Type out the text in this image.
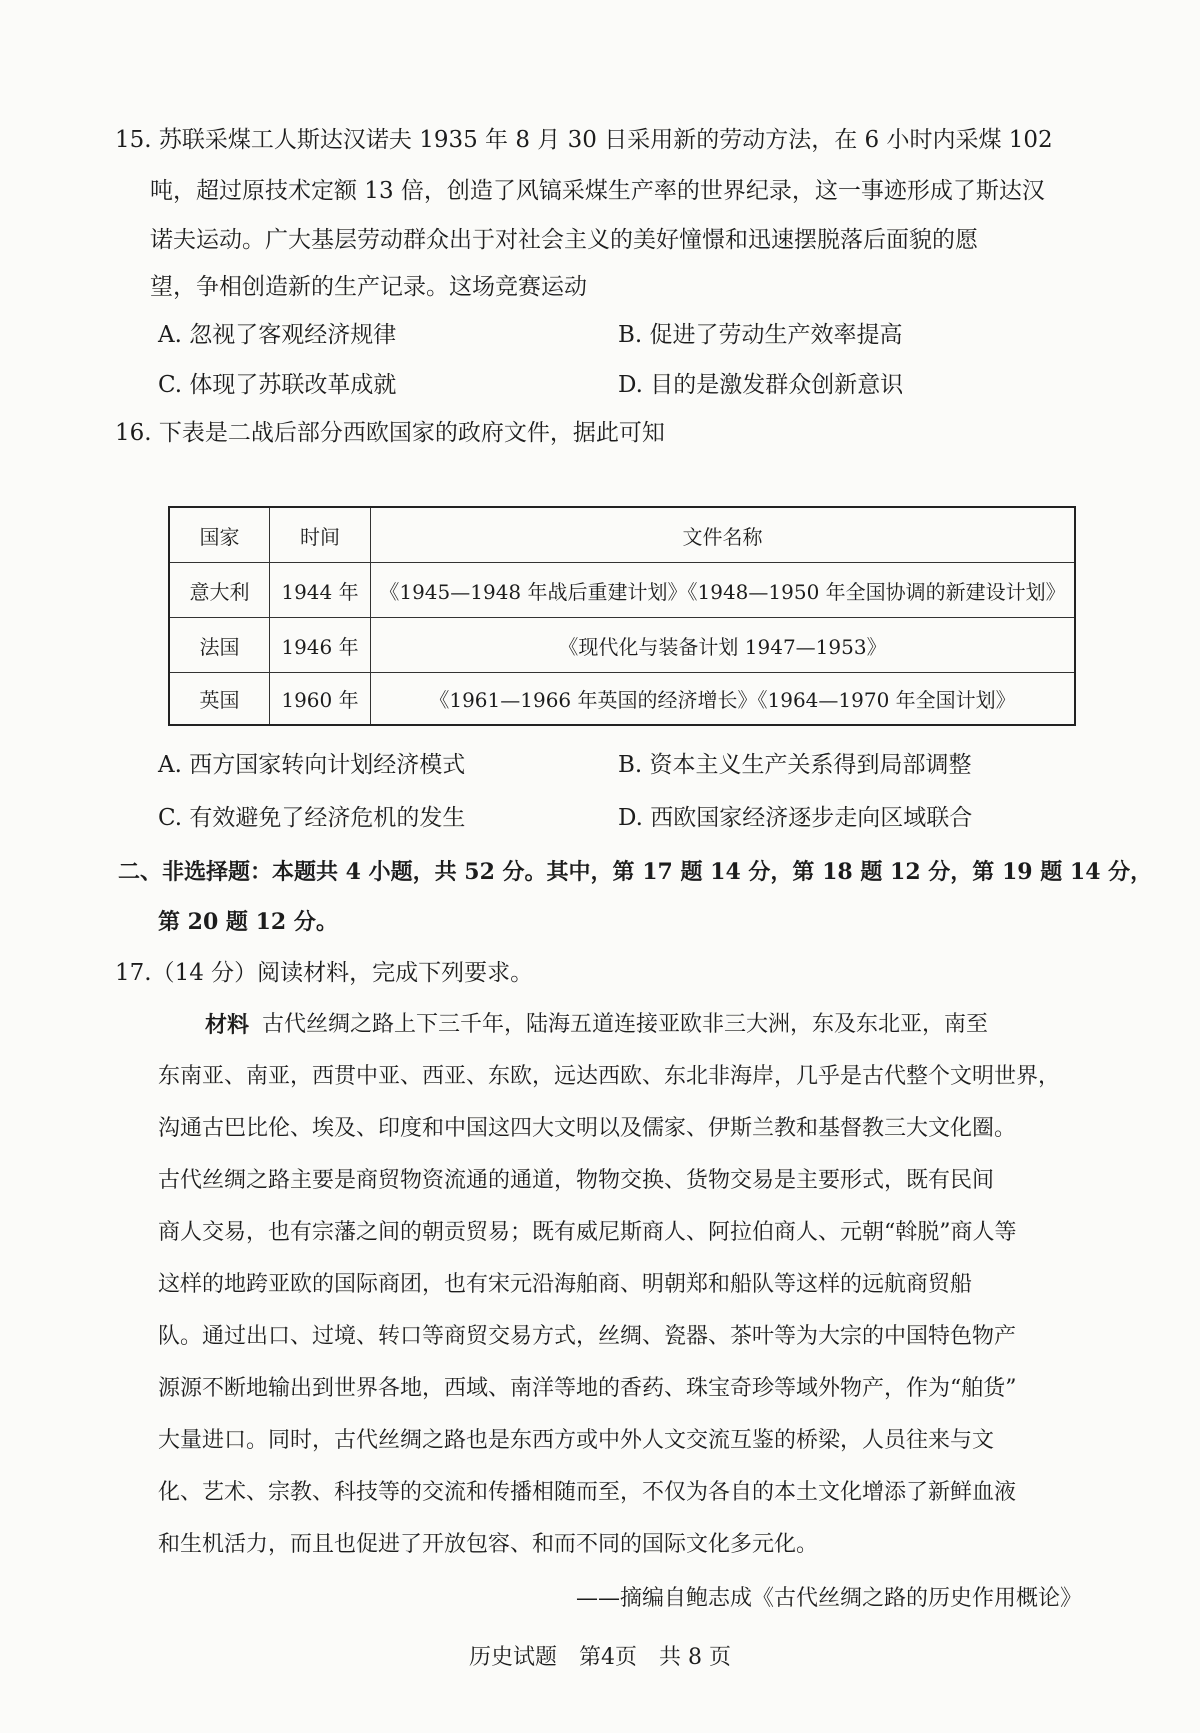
15. 苏联采煤工人斯达汉诺夫 1935 年 8 月 30 日采用新的劳动方法，在 6 小时内采煤 102
吨，超过原技术定额 13 倍，创造了风镐采煤生产率的世界纪录，这一事迹形成了斯达汉
诺夫运动。广大基层劳动群众出于对社会主义的美好憧憬和迅速摆脱落后面貌的愿
望，争相创造新的生产记录。这场竞赛运动
A. 忽视了客观经济规律	B. 促进了劳动生产效率提高
C. 体现了苏联改革成就	D. 目的是激发群众创新意识
16. 下表是二战后部分西欧国家的政府文件，据此可知
国家	时间	文件名称
意大利	1944 年	《1945—1948 年战后重建计划》《1948—1950 年全国协调的新建设计划》
法国	1946 年	《现代化与装备计划 1947—1953》
英国	1960 年	《1961—1966 年英国的经济增长》《1964—1970 年全国计划》
A. 西方国家转向计划经济模式	B. 资本主义生产关系得到局部调整
C. 有效避免了经济危机的发生	D. 西欧国家经济逐步走向区域联合
二、非选择题：本题共 4 小题，共 52 分。其中，第 17 题 14 分，第 18 题 12 分，第 19 题 14 分，
第 20 题 12 分。
17.（14 分）阅读材料，完成下列要求。
材料 古代丝绸之路上下三千年，陆海五道连接亚欧非三大洲，东及东北亚，南至
东南亚、南亚，西贯中亚、西亚、东欧，远达西欧、东北非海岸，几乎是古代整个文明世界，
沟通古巴比伦、埃及、印度和中国这四大文明以及儒家、伊斯兰教和基督教三大文化圈。
古代丝绸之路主要是商贸物资流通的通道，物物交换、货物交易是主要形式，既有民间
商人交易，也有宗藩之间的朝贡贸易；既有威尼斯商人、阿拉伯商人、元朝“斡脱”商人等
这样的地跨亚欧的国际商团，也有宋元沿海舶商、明朝郑和船队等这样的远航商贸船
队。通过出口、过境、转口等商贸交易方式，丝绸、瓷器、茶叶等为大宗的中国特色物产
源源不断地输出到世界各地，西域、南洋等地的香药、珠宝奇珍等域外物产，作为“舶货”
大量进口。同时，古代丝绸之路也是东西方或中外人文交流互鉴的桥梁，人员往来与文
化、艺术、宗教、科技等的交流和传播相随而至，不仅为各自的本土文化增添了新鲜血液
和生机活力，而且也促进了开放包容、和而不同的国际文化多元化。
——摘编自鲍志成《古代丝绸之路的历史作用概论》
历史试题　第4页　共 8 页
